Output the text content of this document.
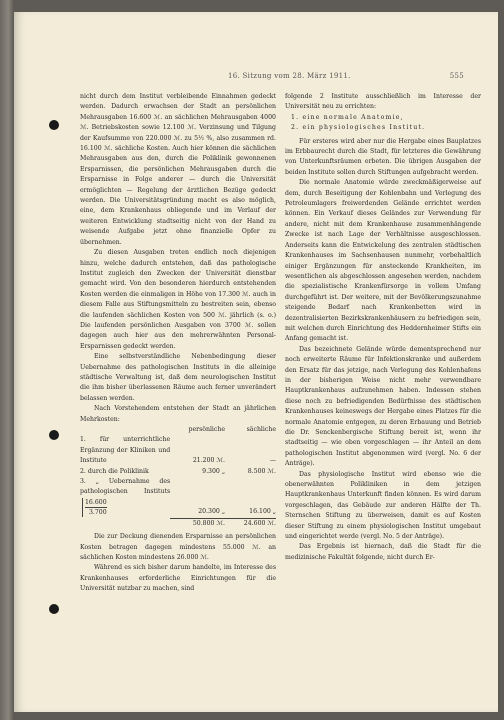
16. Sitzung vom 28. März 1911.	555

nicht durch dem Institut verbleibende Einnahmen gedeckt werden. Dadurch erwachsen der Stadt an persönlichen Mehrausgaben 16.600 ℳ. an sächlichen Mehrausgaben 4000 ℳ. Betriebskosten sowie 12.100 ℳ. Verzinsung und Tilgung der Kaufsumme von 220.000 ℳ. zu 5½ %, also zusammen rd. 16.100 ℳ. sächliche Kosten. Auch hier können die sächlichen Mehrausgaben aus den, durch die Poliklinik gewonnenen Ersparnissen, die persönlichen Mehrausgaben durch die Ersparnisse in Folge anderer — durch die Universität ermöglichten — Regelung der ärztlichen Bezüge gedeckt werden. Die Universitätsgründung macht es also möglich, eine, dem Krankenhaus obliegende und im Verlauf der weiteren Entwicklung stadtseitig nicht von der Hand zu weisende Aufgabe jetzt ohne finanzielle Opfer zu übernehmen.

Zu diesen Ausgaben treten endlich noch diejenigen hinzu, welche dadurch entstehen, daß das pathologische Institut zugleich den Zwecken der Universität dienstbar gemacht wird. Von den besonderen hierdurch entstehenden Kosten werden die einmaligen in Höhe von 17.300 ℳ. auch in diesem Falle aus Stiftungsmitteln zu bestreiten sein, ebenso die laufenden sächlichen Kosten von 500 ℳ. jährlich (s. o.) Die laufenden persönlichen Ausgaben von 3700 ℳ. sollen dagegen auch hier aus den mehrerwähnten Personal-Ersparnissen gedeckt werden.

Eine selbstverständliche Nebenbedingung dieser Uebernahme des pathologischen Instituts in die alleinige städtische Verwaltung ist, daß dem neurologischen Institut die ihm bisher überlassenen Räume auch ferner unverändert belassen werden.

Nach Vorstehendem entstehen der Stadt an jährlichen Mehrkosten:

	persönliche	sächliche
1. für unterrichtliche Ergänzung der Kliniken und Institute	21.200 ℳ.	—
2. durch die Poliklinik	9.300 „	8.500 ℳ.
3. „ Uebernahme des pathologischen Instituts
$\frac{16.600}{3.700}$	20.300 „	16.100 „
	50.800 ℳ.	24.600 ℳ.

Die zur Deckung dienenden Ersparnisse an persönlichen Kosten betragen dagegen mindestens 55.000 ℳ. an sächlichen Kosten mindestens 26.000 ℳ.

Während es sich bisher darum handelte, im Interesse des Krankenhauses erforderliche Einrichtungen für die Universität nutzbar zu machen, sind

folgende 2 Institute ausschließlich im Interesse der Universität neu zu errichten:

1. eine normale Anatomie,
2. ein physiologisches Institut.

Für ersteres wird aber nur die Hergabe eines Bauplatzes im Erbbaurecht durch die Stadt, für letzteres die Gewährung von Unterkunftsräumen erbeten. Die übrigen Ausgaben der beiden Institute sollen durch Stiftungen aufgebracht werden.

Die normale Anatomie würde zweckmäßigerweise auf dem, durch Beseitigung der Kohlenbahn und Verlegung des Petroleumlagers freiwerdenden Gelände errichtet werden können. Ein Verkauf dieses Geländes zur Verwendung für andere, nicht mit dem Krankenhause zusammenhängende Zwecke ist nach Lage der Verhältnisse ausgeschlossen. Anderseits kann die Entwickelung des zentralen städtischen Krankenhauses im Sachsenhausen nunmehr, vorbehaltlich einiger Ergänzungen für ansteckende Krankheiten, im wesentlichen als abgeschlossen angesehen werden, nachdem die spezialistische Krankenfürsorge in vollem Umfang durchgeführt ist. Der weitere, mit der Bevölkerungszunahme steigende Bedarf nach Krankenbetten wird in dezentralisierten Bezirkskrankenhäusern zu befriedigen sein, mit welchen durch Einrichtung des Heddernheimer Stifts ein Anfang gemacht ist.

Das bezeichnete Gelände würde dementsprechend nur noch erweiterte Räume für Infektionskranke und außerdem den Ersatz für das jetzige, nach Verlegung des Kohlenhafens in der bisherigen Weise nicht mehr verwendbare Hauptkrankenhaus aufzunehmen haben. Indessen stehen diese noch zu befriedigenden Bedürfnisse des städtischen Krankenhauses keineswegs der Hergabe eines Platzes für die normale Anatomie entgegen, zu deren Erbauung und Betrieb die Dr. Senckenbergische Stiftung bereit ist, wenn ihr stadtseitig — wie oben vorgeschlagen — ihr Anteil an dem pathologischen Institut abgenommen wird (vergl. No. 6 der Anträge).

Das physiologische Institut wird ebenso wie die obenerwähnten Polikliniken in dem jetzigen Hauptkrankenhaus Unterkunft finden können. Es wird darum vorgeschlagen, das Gebäude zur anderen Hälfte der Th. Sternschen Stiftung zu überweisen, damit es auf Kosten dieser Stiftung zu einem physiologischen Institut umgebaut und eingerichtet werde (vergl. No. 5 der Anträge).

Das Ergebnis ist hiernach, daß die Stadt für die medizinische Fakultät folgende, nicht durch Er-
